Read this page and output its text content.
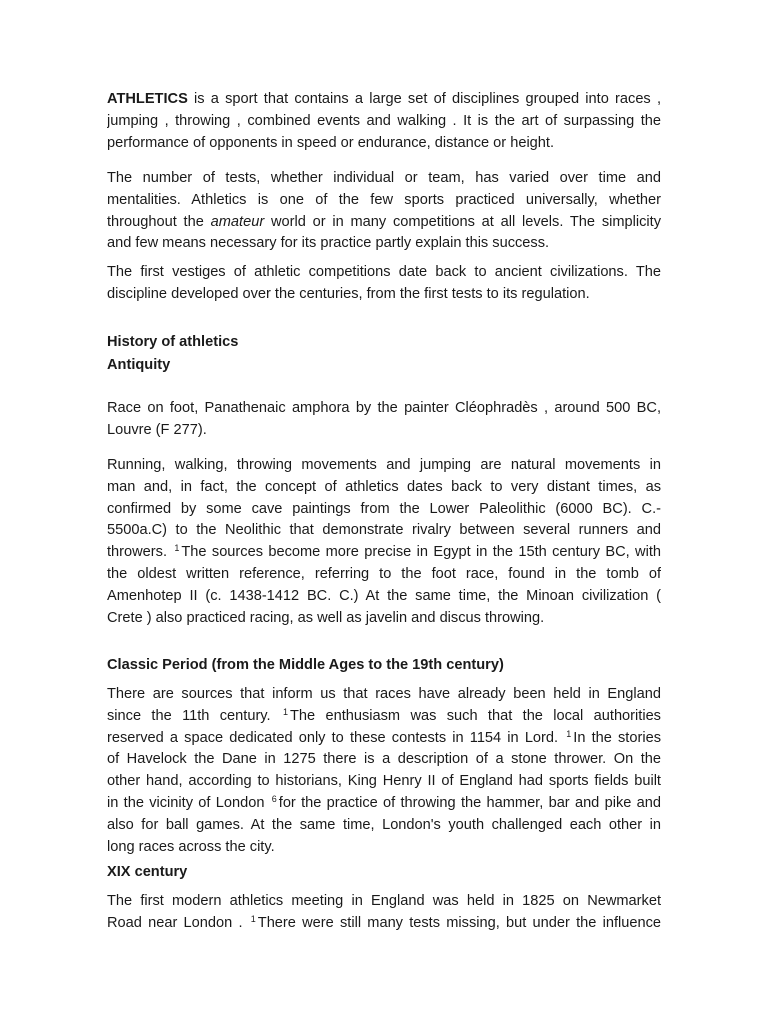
ATHLETICS is a sport that contains a large set of disciplines grouped into races ,
jumping , throwing , combined events and walking . It is the art of surpassing the
performance of opponents in speed or endurance, distance or height.

The number of tests, whether individual or team, has varied over time and
mentalities. Athletics is one of the few sports practiced universally, whether
throughout the amateur world or in many competitions at all levels. The simplicity
and few means necessary for its practice partly explain this success.

The first vestiges of athletic competitions date back to ancient civilizations. The
discipline developed over the centuries, from the first tests to its regulation.

History of athletics
Antiquity

Race on foot, Panathenaic amphora by the painter Cléophradès , around 500 BC,
Louvre (F 277).

Running, walking, throwing movements and jumping are natural movements in
man and, in fact, the concept of athletics dates back to very distant times, as
confirmed by some cave paintings from the Lower Paleolithic (6000 BC). C.-
5500a.C) to the Neolithic that demonstrate rivalry between several runners and
throwers. $^1$ The sources become more precise in Egypt in the 15th century BC, with
the oldest written reference, referring to the foot race, found in the tomb of
Amenhotep II (c. 1438-1412 BC. C.) At the same time, the Minoan civilization (
Crete ) also practiced racing, as well as javelin and discus throwing.

Classic Period (from the Middle Ages to the 19th century)

There are sources that inform us that races have already been held in England
since the 11th century. $^1$ The enthusiasm was such that the local authorities
reserved a space dedicated only to these contests in 1154 in Lord. $^1$ In the stories
of Havelock the Dane in 1275 there is a description of a stone thrower. On the
other hand, according to historians, King Henry II of England had sports fields built
in the vicinity of London $^6$ for the practice of throwing the hammer, bar and pike and
also for ball games. At the same time, London's youth challenged each other in
long races across the city.

XIX century

The first modern athletics meeting in England was held in 1825 on Newmarket
Road near London . $^1$ There were still many tests missing, but under the influence
